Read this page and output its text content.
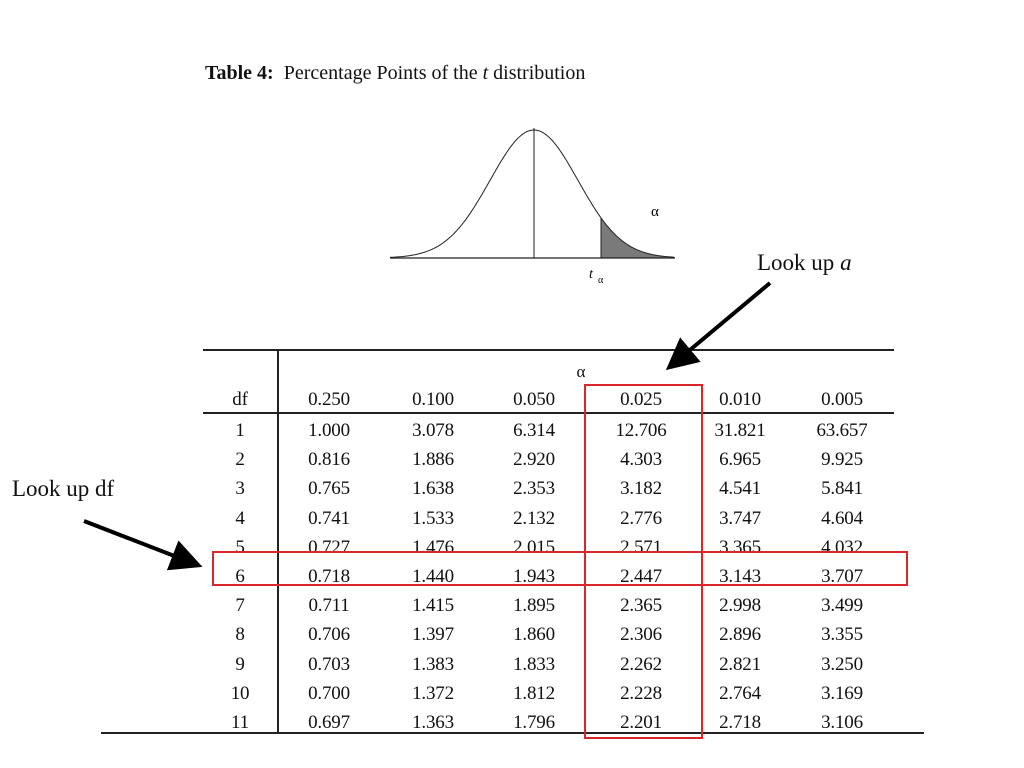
Table 4: Percentage Points of the t distribution
α
t α
Look up a
Look up df
α
df	0.250	0.100	0.050	0.025	0.010	0.005
1	1.000	3.078	6.314	12.706	31.821	63.657
2	0.816	1.886	2.920	4.303	6.965	9.925
3	0.765	1.638	2.353	3.182	4.541	5.841
4	0.741	1.533	2.132	2.776	3.747	4.604
5	0.727	1.476	2.015	2.571	3.365	4.032
6	0.718	1.440	1.943	2.447	3.143	3.707
7	0.711	1.415	1.895	2.365	2.998	3.499
8	0.706	1.397	1.860	2.306	2.896	3.355
9	0.703	1.383	1.833	2.262	2.821	3.250
10	0.700	1.372	1.812	2.228	2.764	3.169
11	0.697	1.363	1.796	2.201	2.718	3.106
